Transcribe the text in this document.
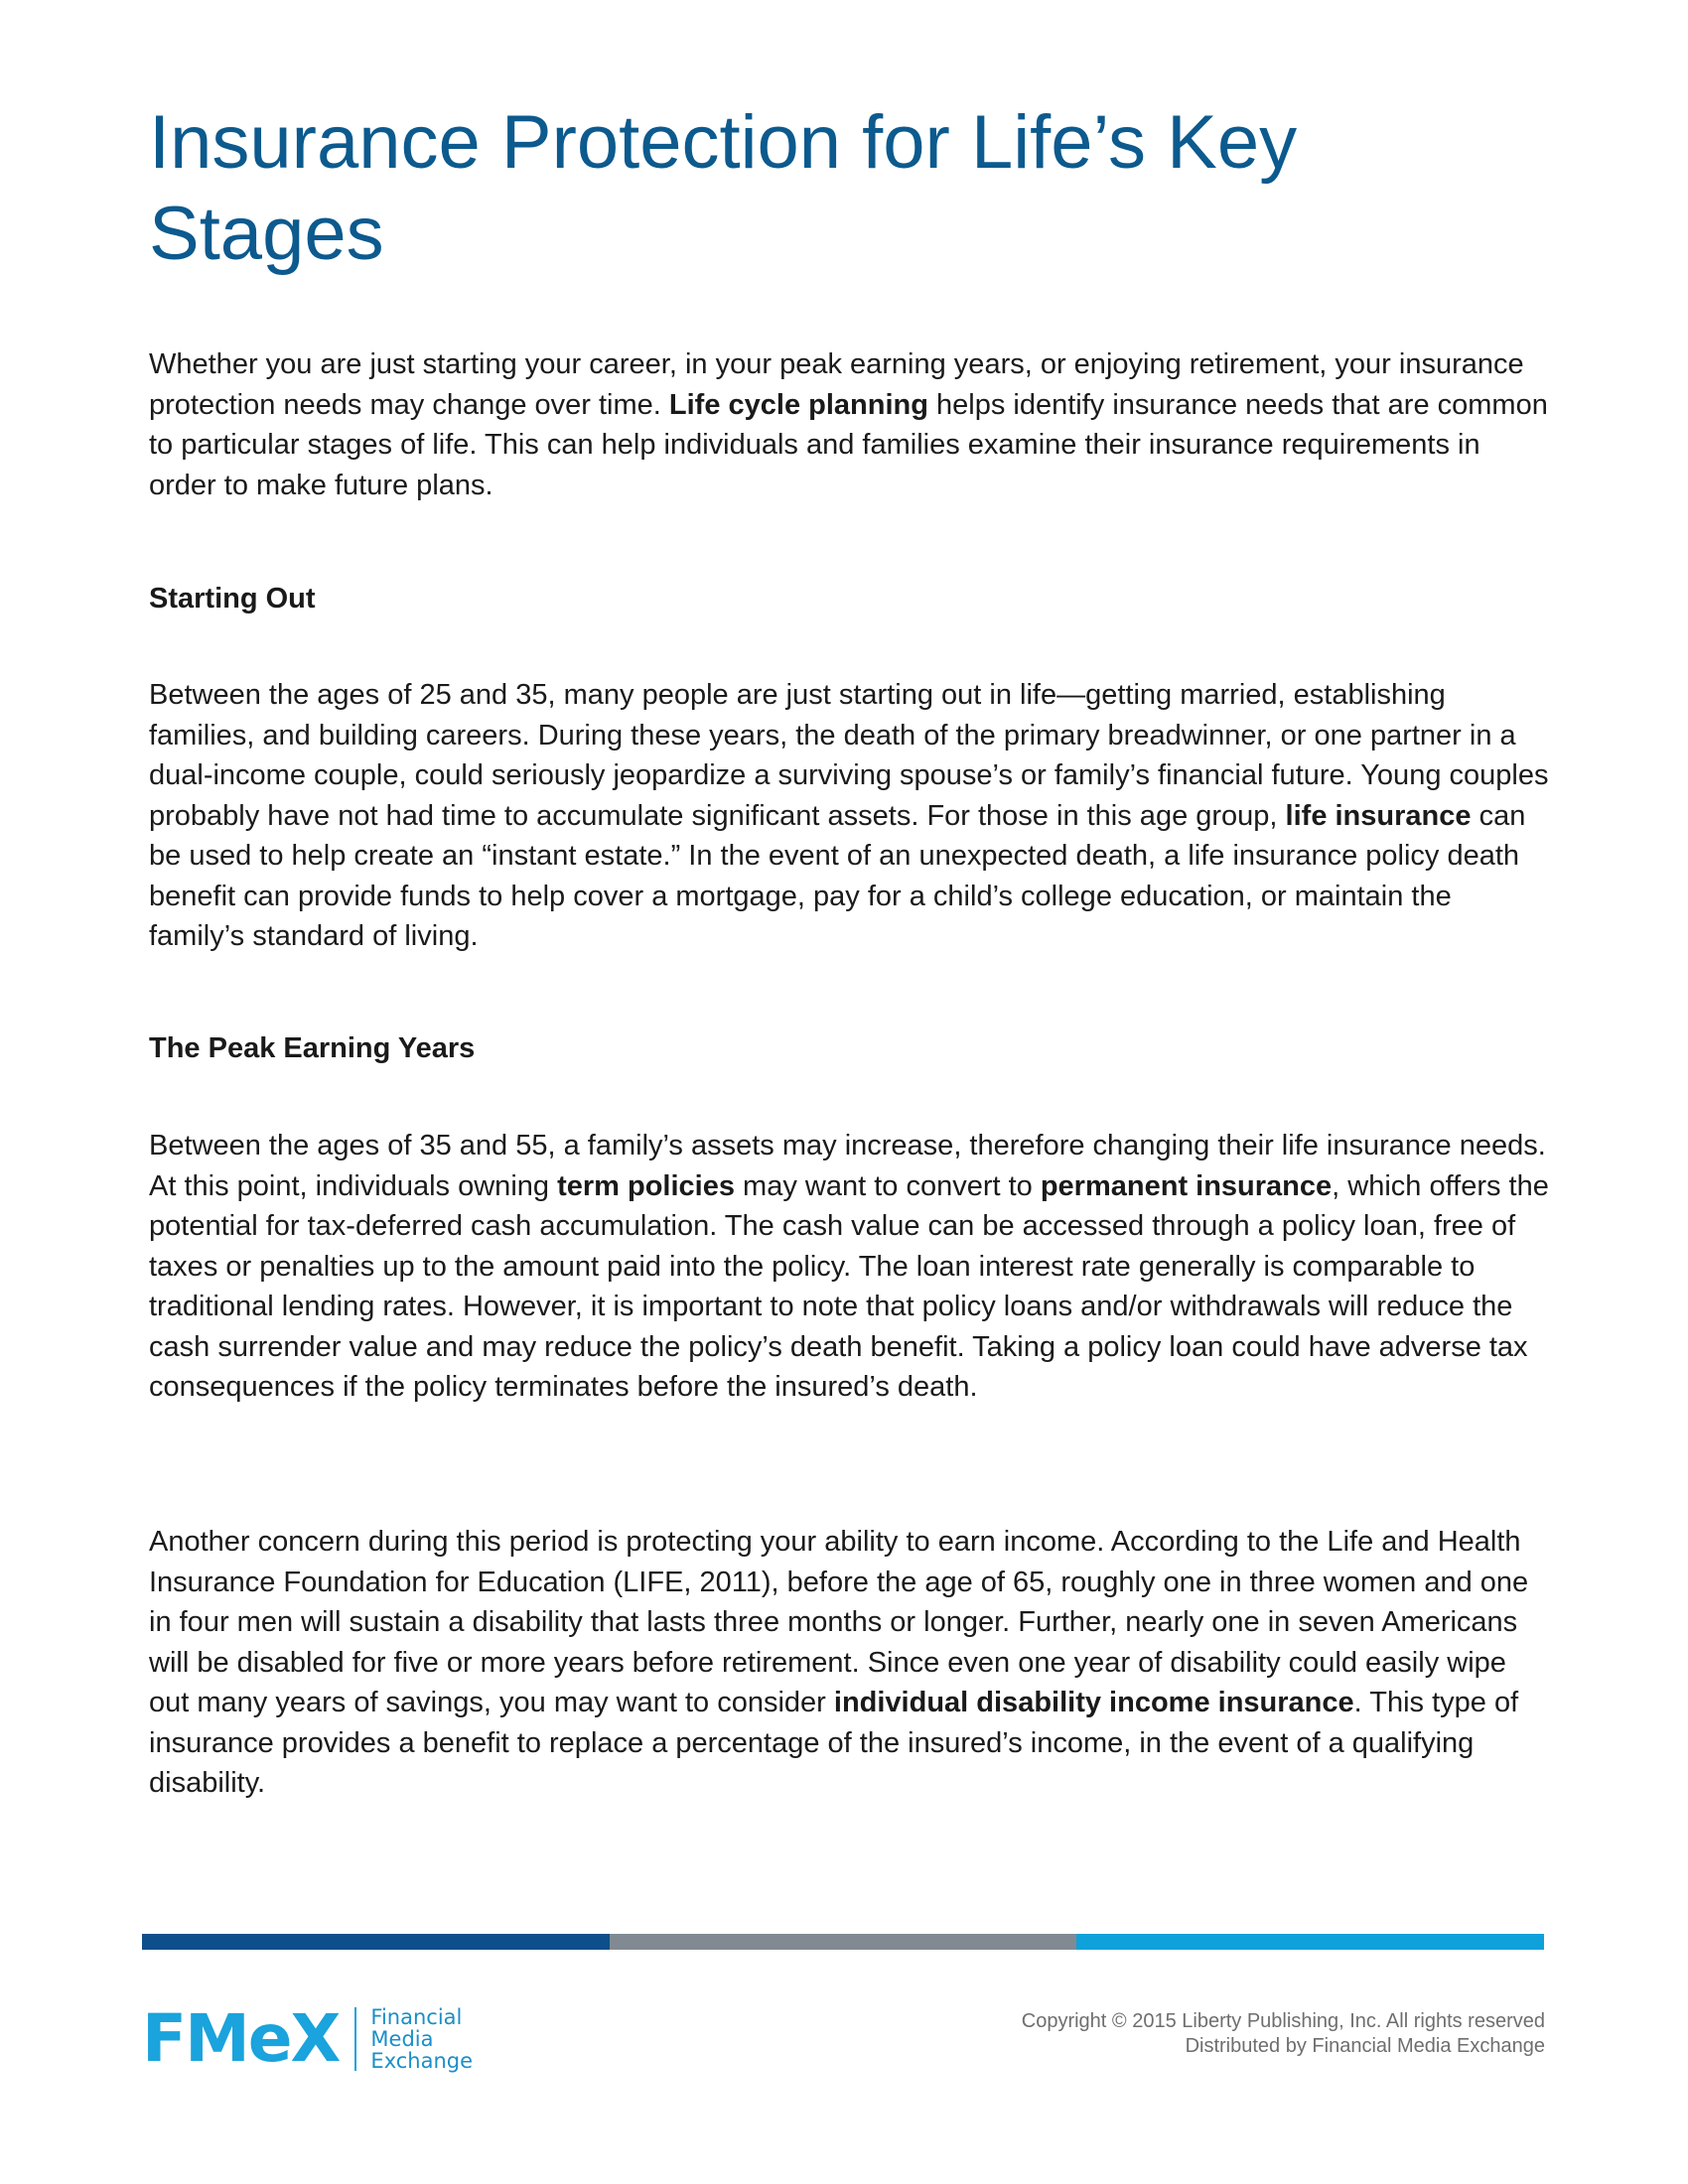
Insurance Protection for Life’s Key Stages

Whether you are just starting your career, in your peak earning years, or enjoying retirement, your insurance protection needs may change over time. Life cycle planning helps identify insurance needs that are common to particular stages of life. This can help individuals and families examine their insurance requirements in order to make future plans.

Starting Out

Between the ages of 25 and 35, many people are just starting out in life—getting married, establishing families, and building careers. During these years, the death of the primary breadwinner, or one partner in a dual-income couple, could seriously jeopardize a surviving spouse’s or family’s financial future. Young couples probably have not had time to accumulate significant assets. For those in this age group, life insurance can be used to help create an “instant estate.” In the event of an unexpected death, a life insurance policy death benefit can provide funds to help cover a mortgage, pay for a child’s college education, or maintain the family’s standard of living.

The Peak Earning Years

Between the ages of 35 and 55, a family’s assets may increase, therefore changing their life insurance needs. At this point, individuals owning term policies may want to convert to permanent insurance, which offers the potential for tax-deferred cash accumulation. The cash value can be accessed through a policy loan, free of taxes or penalties up to the amount paid into the policy. The loan interest rate generally is comparable to traditional lending rates. However, it is important to note that policy loans and/or withdrawals will reduce the cash surrender value and may reduce the policy’s death benefit. Taking a policy loan could have adverse tax consequences if the policy terminates before the insured’s death.

Another concern during this period is protecting your ability to earn income. According to the Life and Health Insurance Foundation for Education (LIFE, 2011), before the age of 65, roughly one in three women and one in four men will sustain a disability that lasts three months or longer. Further, nearly one in seven Americans will be disabled for five or more years before retirement. Since even one year of disability could easily wipe out many years of savings, you may want to consider individual disability income insurance. This type of insurance provides a benefit to replace a percentage of the insured’s income, in the event of a qualifying disability.

FMeX Financial
Media
Exchange
Copyright © 2015 Liberty Publishing, Inc. All rights reserved
Distributed by Financial Media Exchange
